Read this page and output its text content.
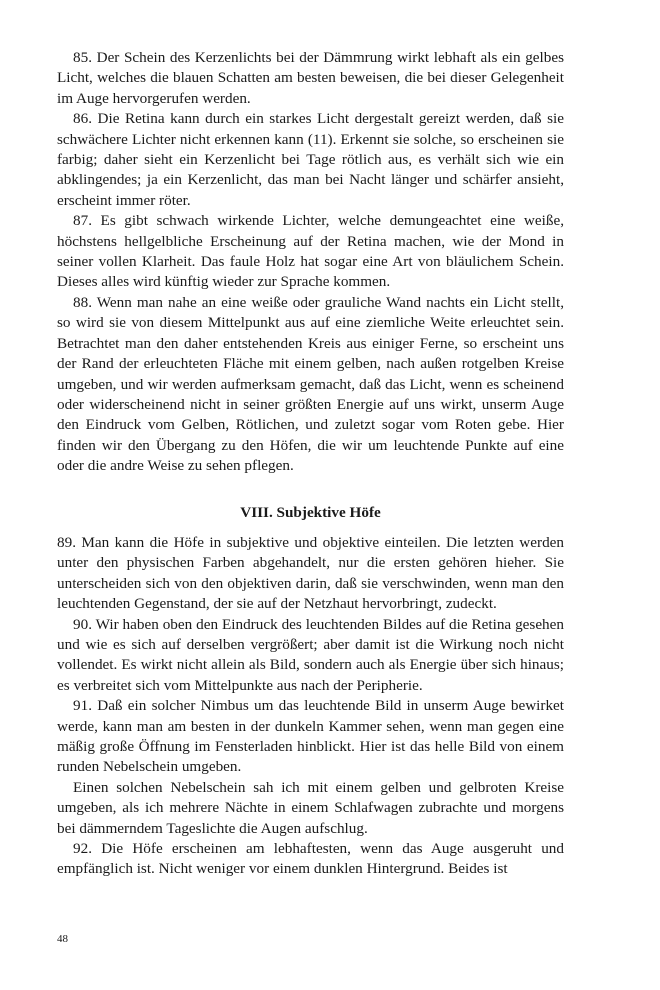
85. Der Schein des Kerzenlichts bei der Dämmrung wirkt lebhaft als ein gelbes Licht, welches die blauen Schatten am besten beweisen, die bei dieser Gelegenheit im Auge hervorgerufen werden.

86. Die Retina kann durch ein starkes Licht dergestalt gereizt werden, daß sie schwächere Lichter nicht erkennen kann (11). Erkennt sie solche, so erscheinen sie farbig; daher sieht ein Kerzenlicht bei Tage rötlich aus, es verhält sich wie ein abklingendes; ja ein Kerzenlicht, das man bei Nacht länger und schärfer ansieht, erscheint immer röter.

87. Es gibt schwach wirkende Lichter, welche demungeachtet eine weiße, höchstens hellgelbliche Erscheinung auf der Retina machen, wie der Mond in seiner vollen Klarheit. Das faule Holz hat sogar eine Art von bläulichem Schein. Dieses alles wird künftig wieder zur Sprache kommen.

88. Wenn man nahe an eine weiße oder grauliche Wand nachts ein Licht stellt, so wird sie von diesem Mittelpunkt aus auf eine ziemliche Weite erleuchtet sein. Betrachtet man den daher entstehenden Kreis aus einiger Ferne, so erscheint uns der Rand der erleuchteten Fläche mit einem gelben, nach außen rotgelben Kreise umgeben, und wir werden aufmerksam gemacht, daß das Licht, wenn es scheinend oder widerscheinend nicht in seiner größten Energie auf uns wirkt, unserm Auge den Eindruck vom Gelben, Rötlichen, und zuletzt sogar vom Roten gebe. Hier finden wir den Übergang zu den Höfen, die wir um leuchtende Punkte auf eine oder die andre Weise zu sehen pflegen.

VIII. Subjektive Höfe

89. Man kann die Höfe in subjektive und objektive einteilen. Die letzten werden unter den physischen Farben abgehandelt, nur die ersten gehören hieher. Sie unterscheiden sich von den objektiven darin, daß sie verschwinden, wenn man den leuchtenden Gegenstand, der sie auf der Netzhaut hervorbringt, zudeckt.

90. Wir haben oben den Eindruck des leuchtenden Bildes auf die Retina gesehen und wie es sich auf derselben vergrößert; aber damit ist die Wirkung noch nicht vollendet. Es wirkt nicht allein als Bild, sondern auch als Energie über sich hinaus; es verbreitet sich vom Mittelpunkte aus nach der Peripherie.

91. Daß ein solcher Nimbus um das leuchtende Bild in unserm Auge bewirket werde, kann man am besten in der dunkeln Kammer sehen, wenn man gegen eine mäßig große Öffnung im Fensterladen hinblickt. Hier ist das helle Bild von einem runden Nebelschein umgeben.

Einen solchen Nebelschein sah ich mit einem gelben und gelbroten Kreise umgeben, als ich mehrere Nächte in einem Schlafwagen zubrachte und morgens bei dämmerndem Tageslichte die Augen aufschlug.

92. Die Höfe erscheinen am lebhaftesten, wenn das Auge ausgeruht und empfänglich ist. Nicht weniger vor einem dunklen Hintergrund. Beides ist

48
